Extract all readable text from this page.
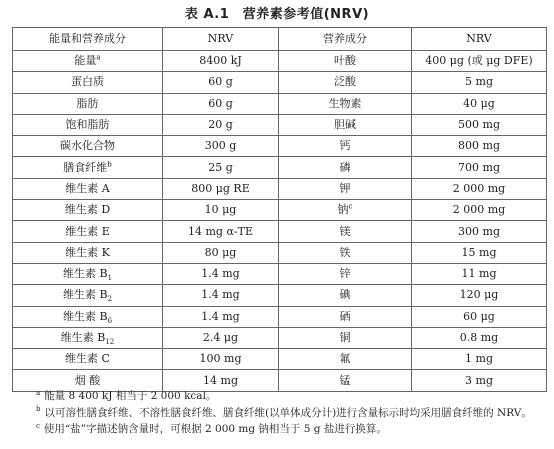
表 A.1　营养素参考值(NRV)
能量和营养成分	NRV	营养成分	NRV
能量$^a$	8400 kJ	叶酸	400 μg (或 μg DFE)
蛋白质	60 g	泛酸	5 mg
脂肪	60 g	生物素	40 μg
饱和脂肪	20 g	胆碱	500 mg
碳水化合物	300 g	钙	800 mg
膳食纤维$^b$	25 g	磷	700 mg
维生素 A	800 μg RE	钾	2 000 mg
维生素 D	10 μg	钠$^c$	2 000 mg
维生素 E	14 mg α-TE	镁	300 mg
维生素 K	80 μg	铁	15 mg
维生素 $B_1$	1.4 mg	锌	11 mg
维生素 $B_2$	1.4 mg	碘	120 μg
维生素 $B_6$	1.4 mg	硒	60 μg
维生素 $B_{12}$	2.4 μg	铜	0.8 mg
维生素 C	100 mg	氟	1 mg
烟 酸	14 mg	锰	3 mg
$^a$ 能量 8 400 kJ 相当于 2 000 kcal。
$^b$ 以可溶性膳食纤维、不溶性膳食纤维、膳食纤维(以单体成分计)进行含量标示时均采用膳食纤维的 NRV。
$^c$ 使用“盐”字描述钠含量时，可根据 2 000 mg 钠相当于 5 g 盐进行换算。
